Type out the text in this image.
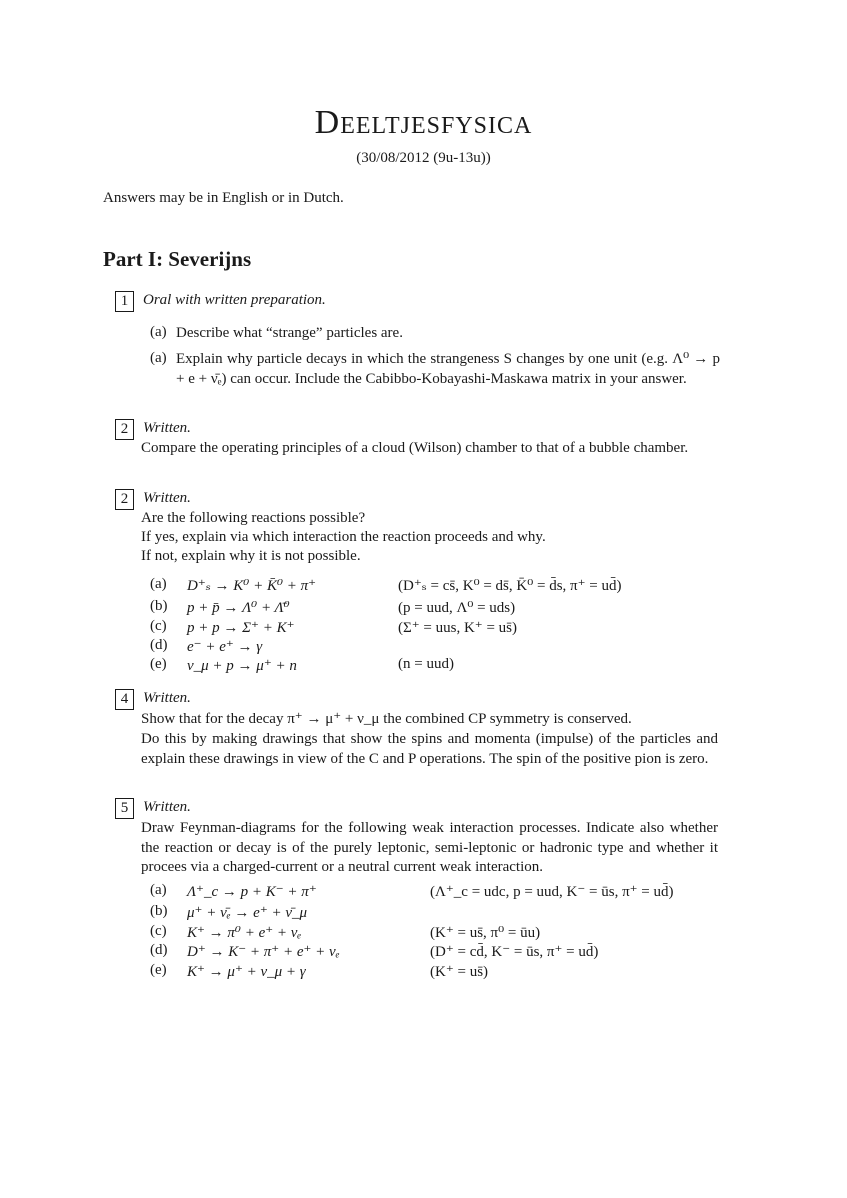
Deeltjesfysica
(30/08/2012 (9u-13u))
Answers may be in English or in Dutch.
Part I: Severijns
1 Oral with written preparation.
(a) Describe what “strange” particles are.
(a) Explain why particle decays in which the strangeness S changes by one unit (e.g. Λ⁰ → p + e + ν̄ₑ) can occur. Include the Cabibbo-Kobayashi-Maskawa matrix in your answer.
2 Written.
Compare the operating principles of a cloud (Wilson) chamber to that of a bubble chamber.
2 Written.
Are the following reactions possible?
If yes, explain via which interaction the reaction proceeds and why.
If not, explain why it is not possible.
(a) D⁺ₛ → K⁰ + K̄⁰ + π⁺	(D⁺ₛ = cs̄, K⁰ = ds̄, K̄⁰ = d̄s, π⁺ = ud̄)
(b) p + p̄ → Λ⁰ + Λ̄⁰	(p = uud, Λ⁰ = uds)
(c) p + p → Σ⁺ + K⁺	(Σ⁺ = uus, K⁺ = us̄)
(d) e⁻ + e⁺ → γ
(e) ν_μ + p → μ⁺ + n	(n = uud)
4 Written.
Show that for the decay π⁺ → μ⁺ + ν_μ the combined CP symmetry is conserved.
Do this by making drawings that show the spins and momenta (impulse) of the particles and explain these drawings in view of the C and P operations. The spin of the positive pion is zero.
5 Written.
Draw Feynman-diagrams for the following weak interaction processes. Indicate also whether the reaction or decay is of the purely leptonic, semi-leptonic or hadronic type and whether it procees via a charged-current or a neutral current weak interaction.
(a) Λ⁺_c → p + K⁻ + π⁺	(Λ⁺_c = udc, p = uud, K⁻ = ūs, π⁺ = ud̄)
(b) μ⁺ + ν̄ₑ → e⁺ + ν̄_μ
(c) K⁺ → π⁰ + e⁺ + νₑ	(K⁺ = us̄, π⁰ = ūu)
(d) D⁺ → K⁻ + π⁺ + e⁺ + νₑ	(D⁺ = cd̄, K⁻ = ūs, π⁺ = ud̄)
(e) K⁺ → μ⁺ + ν_μ + γ	(K⁺ = us̄)
